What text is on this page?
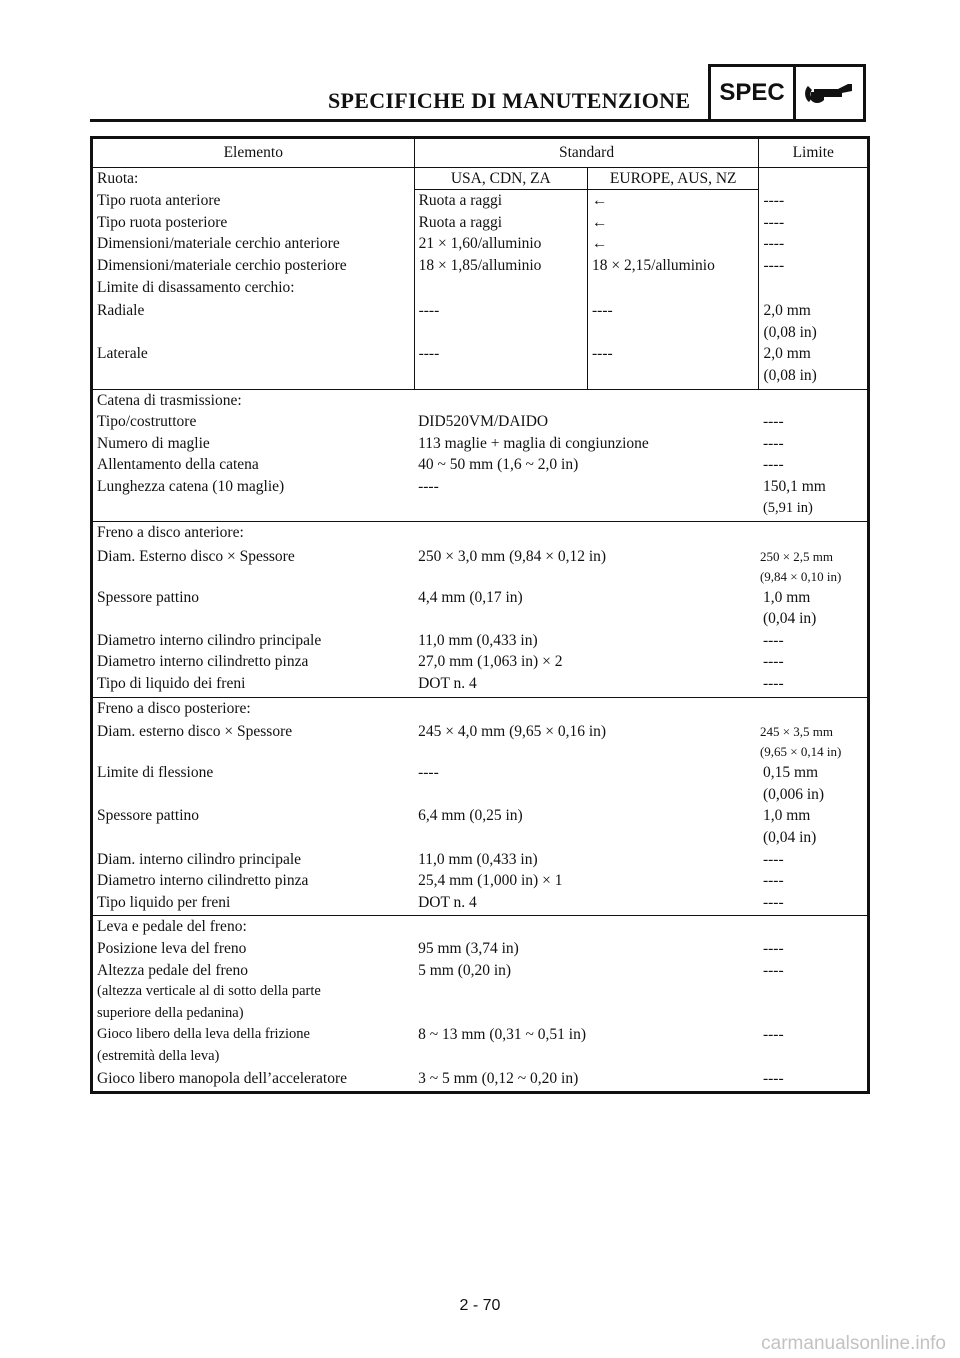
SPECIFICHE DI MANUTENZIONE	SPEC
Elemento	Standard		Limite
Ruota:	USA, CDN, ZA	EUROPE, AUS, NZ	
Tipo ruota anteriore	Ruota a raggi	←	----
Tipo ruota posteriore	Ruota a raggi	←	----
Dimensioni/materiale cerchio anteriore	21 × 1,60/alluminio	←	----
Dimensioni/materiale cerchio posteriore	18 × 1,85/alluminio	18 × 2,15/alluminio	----
Limite di disassamento cerchio:			
Radiale	----	----	2,0 mm
(0,08 in)

Laterale	----	----	2,0 mm
(0,08 in)

Catena di trasmissione:			
Tipo/costruttore	DID520VM/DAIDO		----
Numero di maglie	113 maglie + maglia di congiunzione		----
Allentamento della catena	40 ~ 50 mm (1,6 ~ 2,0 in)		----
Lunghezza catena (10 maglie)	----		150,1 mm
(5,91 in)

Freno a disco anteriore:			
Diam. Esterno disco × Spessore	250 × 3,0 mm (9,84 × 0,12 in)		250 × 2,5 mm
(9,84 × 0,10 in)

Spessore pattino	4,4 mm (0,17 in)		1,0 mm
(0,04 in)

Diametro interno cilindro principale	11,0 mm (0,433 in)		----
Diametro interno cilindretto pinza	27,0 mm (1,063 in) × 2		----
Tipo di liquido dei freni	DOT n. 4		----
Freno a disco posteriore:			
Diam. esterno disco × Spessore	245 × 4,0 mm (9,65 × 0,16 in)		245 × 3,5 mm
(9,65 × 0,14 in)

Limite di flessione	----		0,15 mm
(0,006 in)

Spessore pattino	6,4 mm (0,25 in)		1,0 mm
(0,04 in)

Diam. interno cilindro principale	11,0 mm (0,433 in)		----
Diametro interno cilindretto pinza	25,4 mm (1,000 in) × 1		----
Tipo liquido per freni	DOT n. 4		----
Leva e pedale del freno:			
Posizione leva del freno	95 mm (3,74 in)		----

Altezza pedale del freno
(altezza verticale al di sotto della parte
superiore della pedanina)	5 mm (0,20 in)		----

Gioco libero della leva della frizione
(estremità della leva)	8 ~ 13 mm (0,31 ~ 0,51 in)		----
Gioco libero manopola dell’acceleratore	3 ~ 5 mm (0,12 ~ 0,20 in)		----
2 - 70
carmanualsonline.info
